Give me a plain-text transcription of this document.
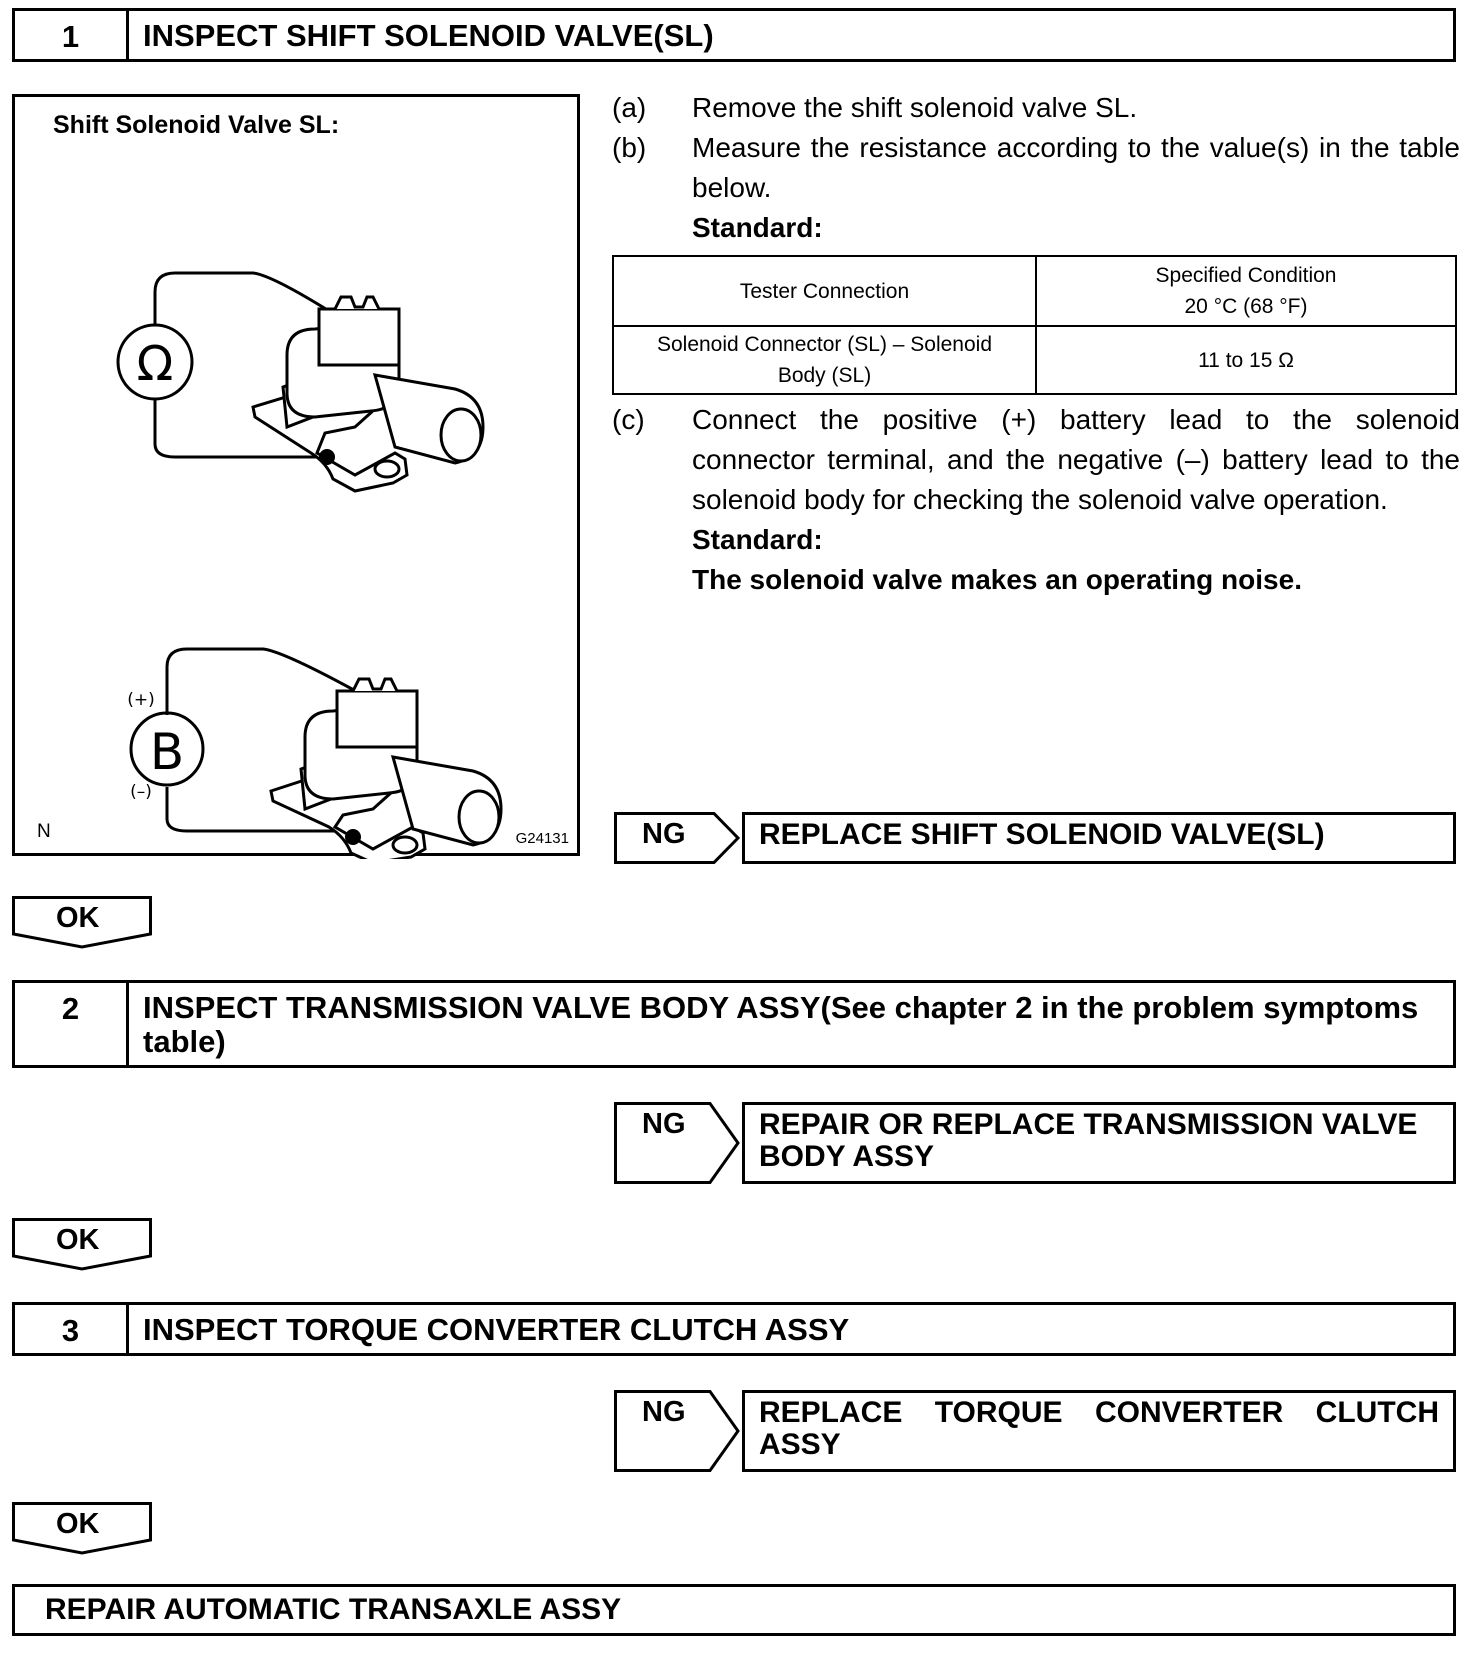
1	INSPECT SHIFT SOLENOID VALVE(SL)
Shift Solenoid Valve SL:
Ω
B
(+)
(–)
N	G24131
(a)	Remove the shift solenoid valve SL.
(b)	Measure the resistance according to the value(s) in the table below.
Standard:
Tester Connection	Specified Condition
20 °C (68 °F)

Solenoid Connector (SL) – Solenoid
Body (SL)	11 to 15 Ω
(c)	Connect the positive (+) battery lead to the solenoid connector terminal, and the negative (–) battery lead to the solenoid body for checking the solenoid valve operation.
Standard:
The solenoid valve makes an operating noise.
NG	REPLACE SHIFT SOLENOID VALVE(SL)
OK
2	INSPECT TRANSMISSION VALVE BODY ASSY(See chapter 2 in the problem symptoms table)
NG	REPAIR OR REPLACE TRANSMISSION VALVE BODY ASSY
OK
3	INSPECT TORQUE CONVERTER CLUTCH ASSY
NG	REPLACE TORQUE CONVERTER CLUTCH ASSY
OK
REPAIR AUTOMATIC TRANSAXLE ASSY
